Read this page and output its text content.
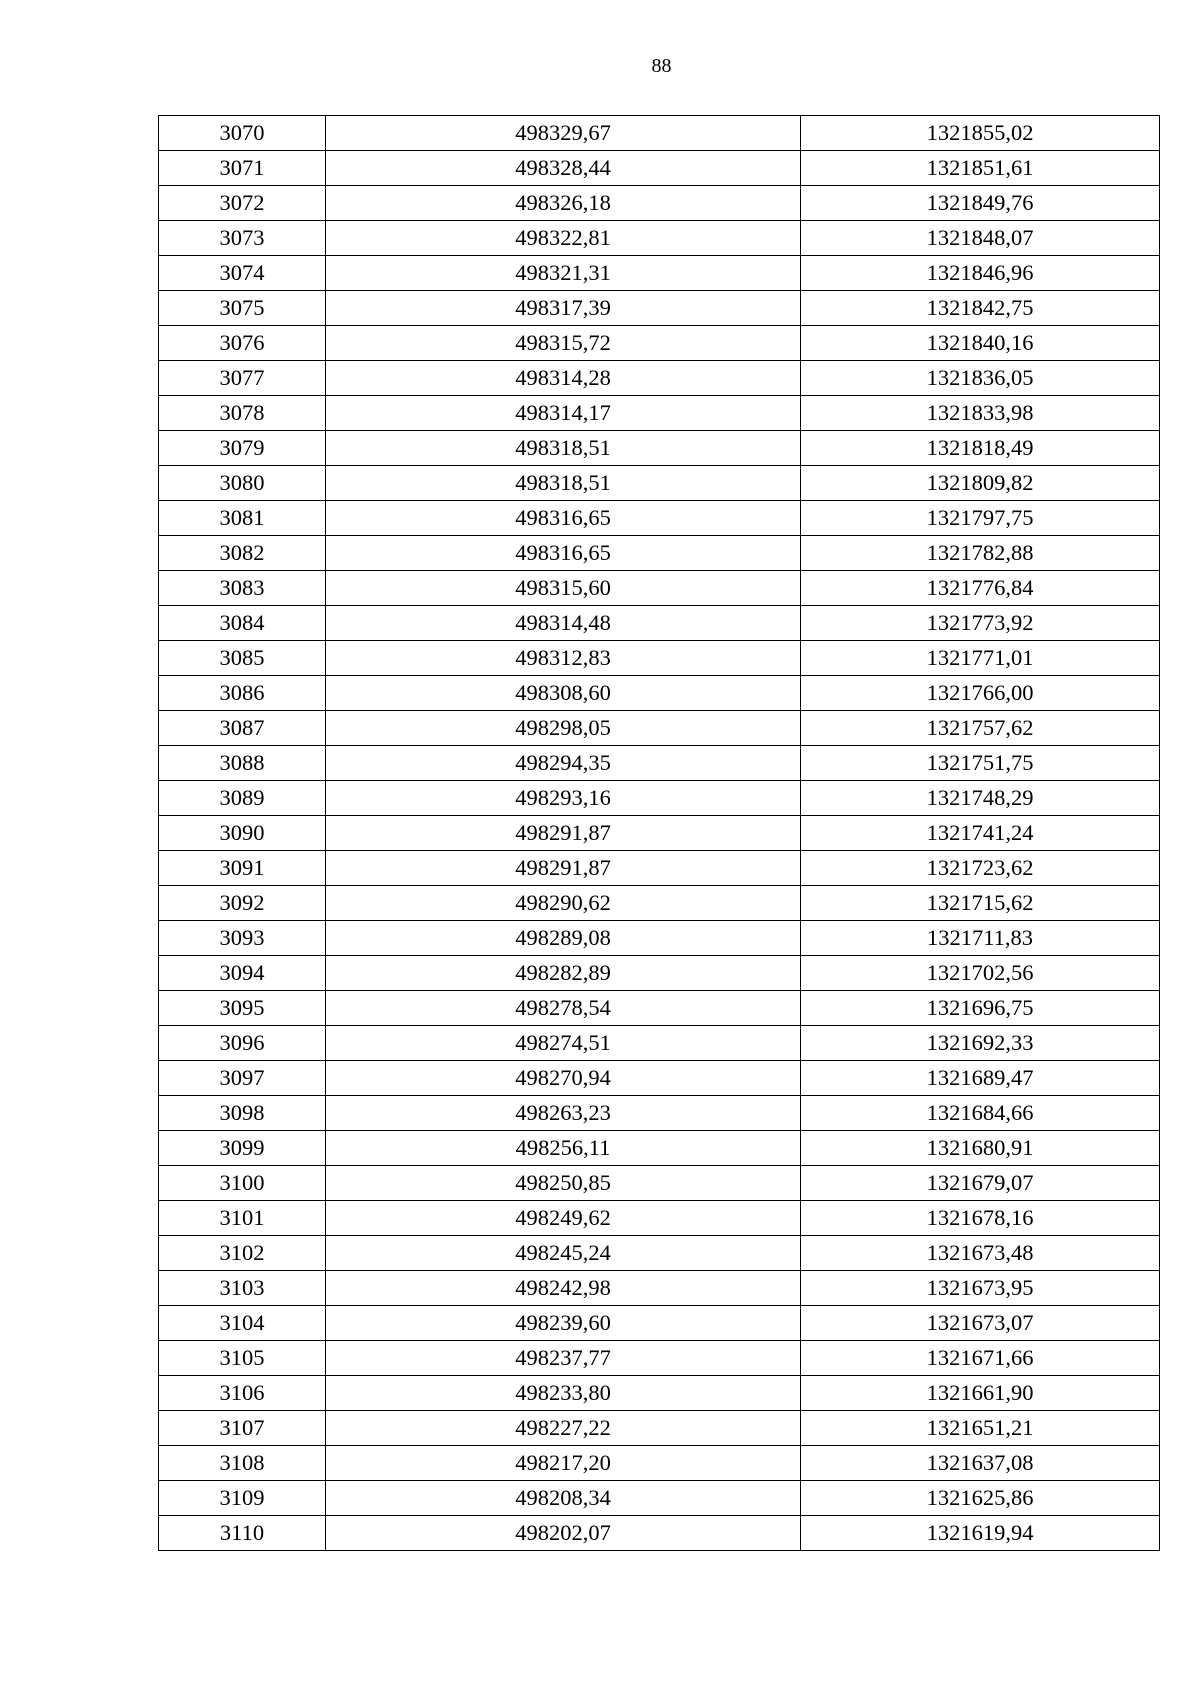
88
3070	498329,67	1321855,02
3071	498328,44	1321851,61
3072	498326,18	1321849,76
3073	498322,81	1321848,07
3074	498321,31	1321846,96
3075	498317,39	1321842,75
3076	498315,72	1321840,16
3077	498314,28	1321836,05
3078	498314,17	1321833,98
3079	498318,51	1321818,49
3080	498318,51	1321809,82
3081	498316,65	1321797,75
3082	498316,65	1321782,88
3083	498315,60	1321776,84
3084	498314,48	1321773,92
3085	498312,83	1321771,01
3086	498308,60	1321766,00
3087	498298,05	1321757,62
3088	498294,35	1321751,75
3089	498293,16	1321748,29
3090	498291,87	1321741,24
3091	498291,87	1321723,62
3092	498290,62	1321715,62
3093	498289,08	1321711,83
3094	498282,89	1321702,56
3095	498278,54	1321696,75
3096	498274,51	1321692,33
3097	498270,94	1321689,47
3098	498263,23	1321684,66
3099	498256,11	1321680,91
3100	498250,85	1321679,07
3101	498249,62	1321678,16
3102	498245,24	1321673,48
3103	498242,98	1321673,95
3104	498239,60	1321673,07
3105	498237,77	1321671,66
3106	498233,80	1321661,90
3107	498227,22	1321651,21
3108	498217,20	1321637,08
3109	498208,34	1321625,86
3110	498202,07	1321619,94
